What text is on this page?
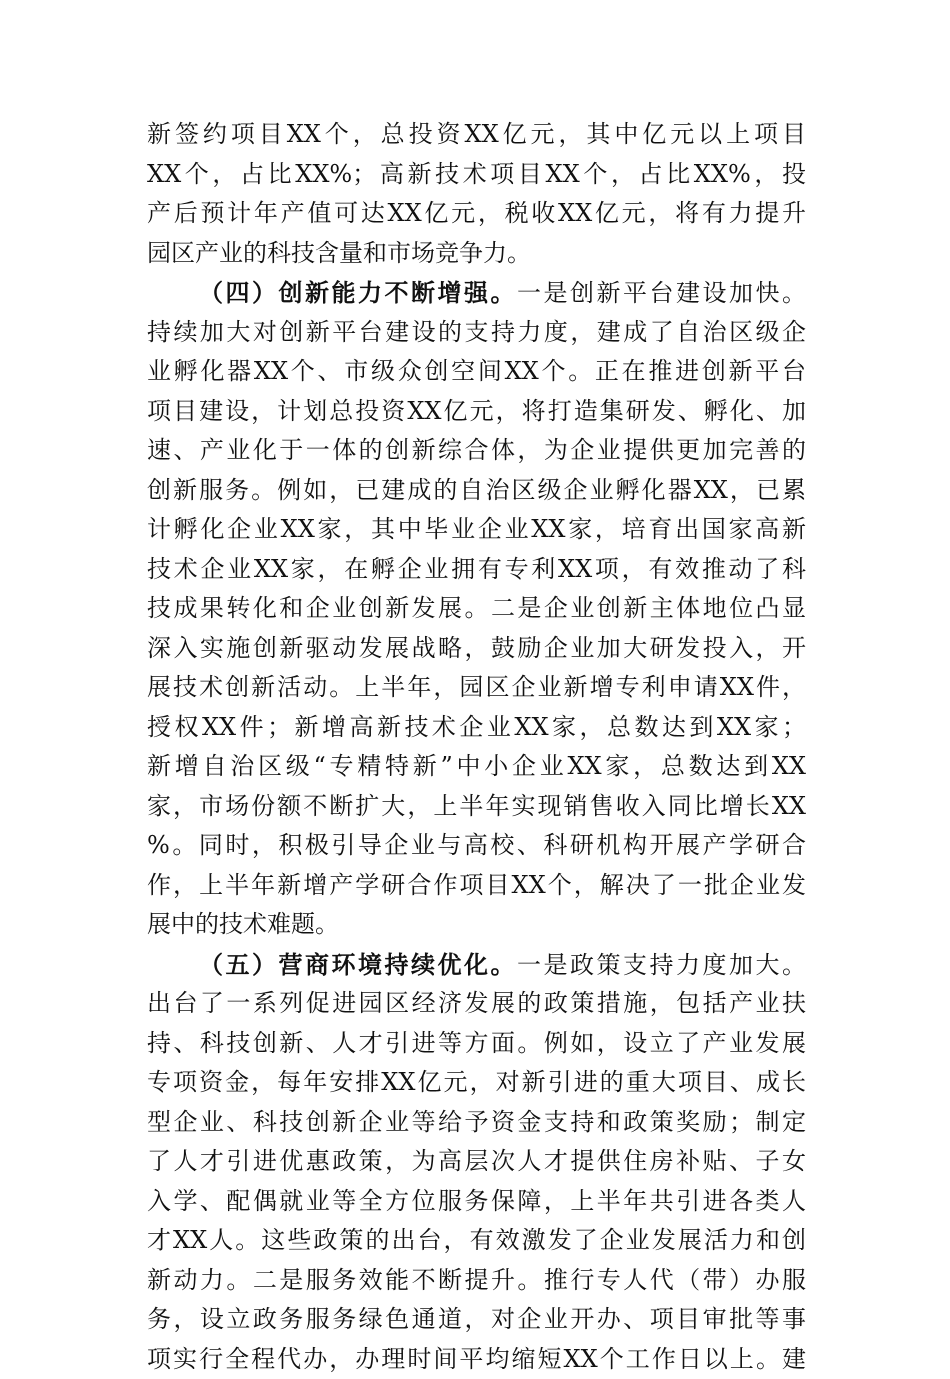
新签约项目XX个，总投资XX亿元，其中亿元以上项目
XX个，占比XX%；高新技术项目XX个，占比XX%，投
产后预计年产值可达XX亿元，税收XX亿元，将有力提升
园区产业的科技含量和市场竞争力。
（四）创新能力不断增强。一是创新平台建设加快。
持续加大对创新平台建设的支持力度，建成了自治区级企
业孵化器XX个、市级众创空间XX个。正在推进创新平台
项目建设，计划总投资XX亿元，将打造集研发、孵化、加
速、产业化于一体的创新综合体，为企业提供更加完善的
创新服务。例如，已建成的自治区级企业孵化器XX，已累
计孵化企业XX家，其中毕业企业XX家，培育出国家高新
技术企业XX家，在孵企业拥有专利XX项，有效推动了科
技成果转化和企业创新发展。二是企业创新主体地位凸显
深入实施创新驱动发展战略，鼓励企业加大研发投入，开
展技术创新活动。上半年，园区企业新增专利申请XX件，
授权XX件；新增高新技术企业XX家，总数达到XX家；
新增自治区级“专精特新”中小企业XX家，总数达到XX
家，市场份额不断扩大，上半年实现销售收入同比增长XX
%。同时，积极引导企业与高校、科研机构开展产学研合
作，上半年新增产学研合作项目XX个，解决了一批企业发
展中的技术难题。
（五）营商环境持续优化。一是政策支持力度加大。
出台了一系列促进园区经济发展的政策措施，包括产业扶
持、科技创新、人才引进等方面。例如，设立了产业发展
专项资金，每年安排XX亿元，对新引进的重大项目、成长
型企业、科技创新企业等给予资金支持和政策奖励；制定
了人才引进优惠政策，为高层次人才提供住房补贴、子女
入学、配偶就业等全方位服务保障，上半年共引进各类人
才XX人。这些政策的出台，有效激发了企业发展活力和创
新动力。二是服务效能不断提升。推行专人代（带）办服
务，设立政务服务绿色通道，对企业开办、项目审批等事
项实行全程代办，办理时间平均缩短XX个工作日以上。建
